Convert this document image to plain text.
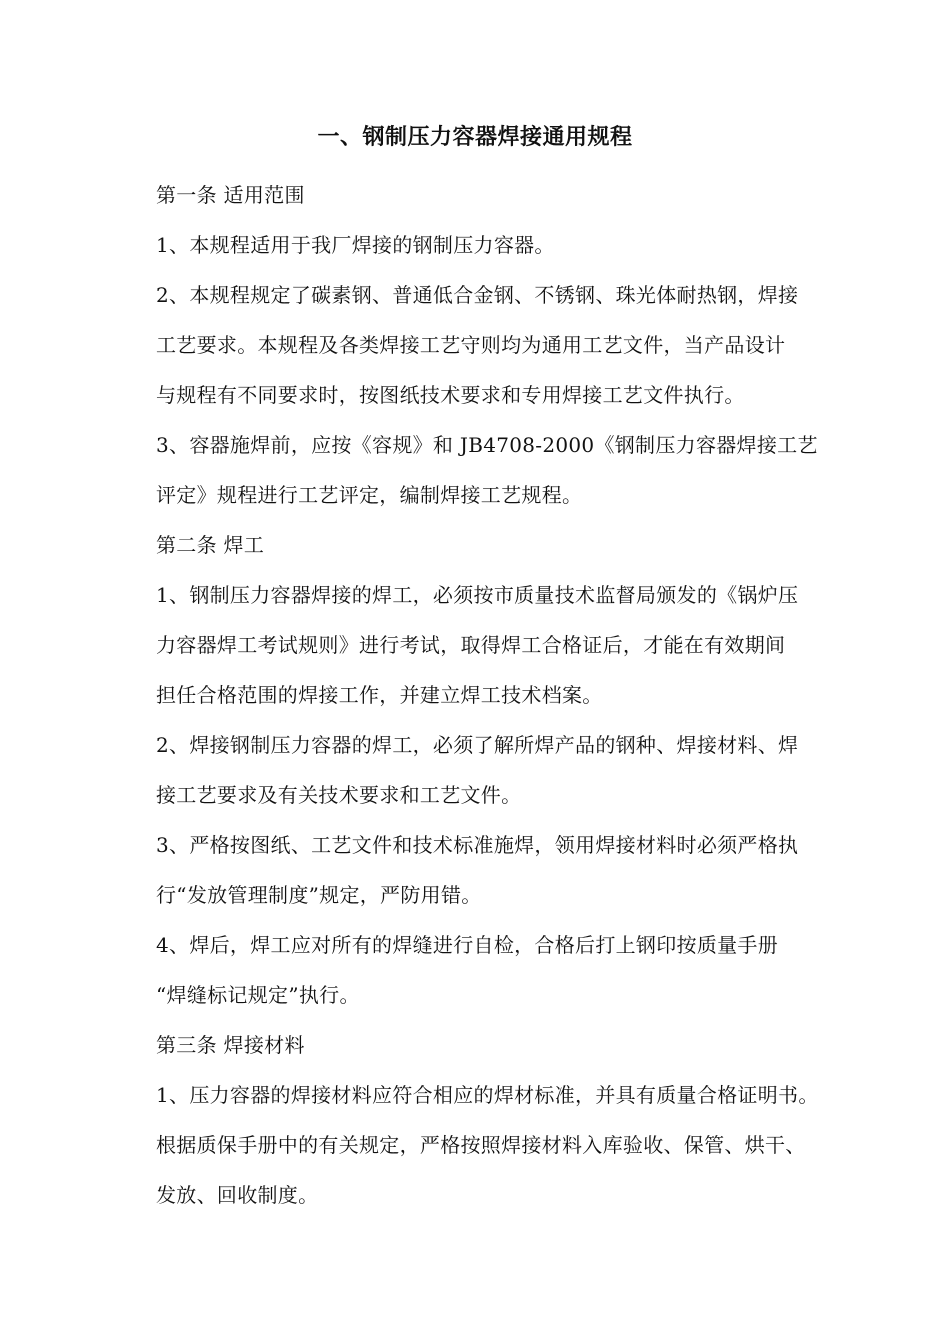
一、钢制压力容器焊接通用规程
第一条 适用范围
1、本规程适用于我厂焊接的钢制压力容器。
2、本规程规定了碳素钢、普通低合金钢、不锈钢、珠光体耐热钢，焊接
工艺要求。本规程及各类焊接工艺守则均为通用工艺文件，当产品设计
与规程有不同要求时，按图纸技术要求和专用焊接工艺文件执行。
3、容器施焊前，应按《容规》和 JB4708-2000《钢制压力容器焊接工艺
评定》规程进行工艺评定，编制焊接工艺规程。
第二条 焊工
1、钢制压力容器焊接的焊工，必须按市质量技术监督局颁发的《锅炉压
力容器焊工考试规则》进行考试，取得焊工合格证后，才能在有效期间
担任合格范围的焊接工作，并建立焊工技术档案。
2、焊接钢制压力容器的焊工，必须了解所焊产品的钢种、焊接材料、焊
接工艺要求及有关技术要求和工艺文件。
3、严格按图纸、工艺文件和技术标准施焊，领用焊接材料时必须严格执
行“发放管理制度”规定，严防用错。
4、焊后，焊工应对所有的焊缝进行自检，合格后打上钢印按质量手册
“焊缝标记规定”执行。
第三条 焊接材料
1、压力容器的焊接材料应符合相应的焊材标准，并具有质量合格证明书。
根据质保手册中的有关规定，严格按照焊接材料入库验收、保管、烘干、
发放、回收制度。
